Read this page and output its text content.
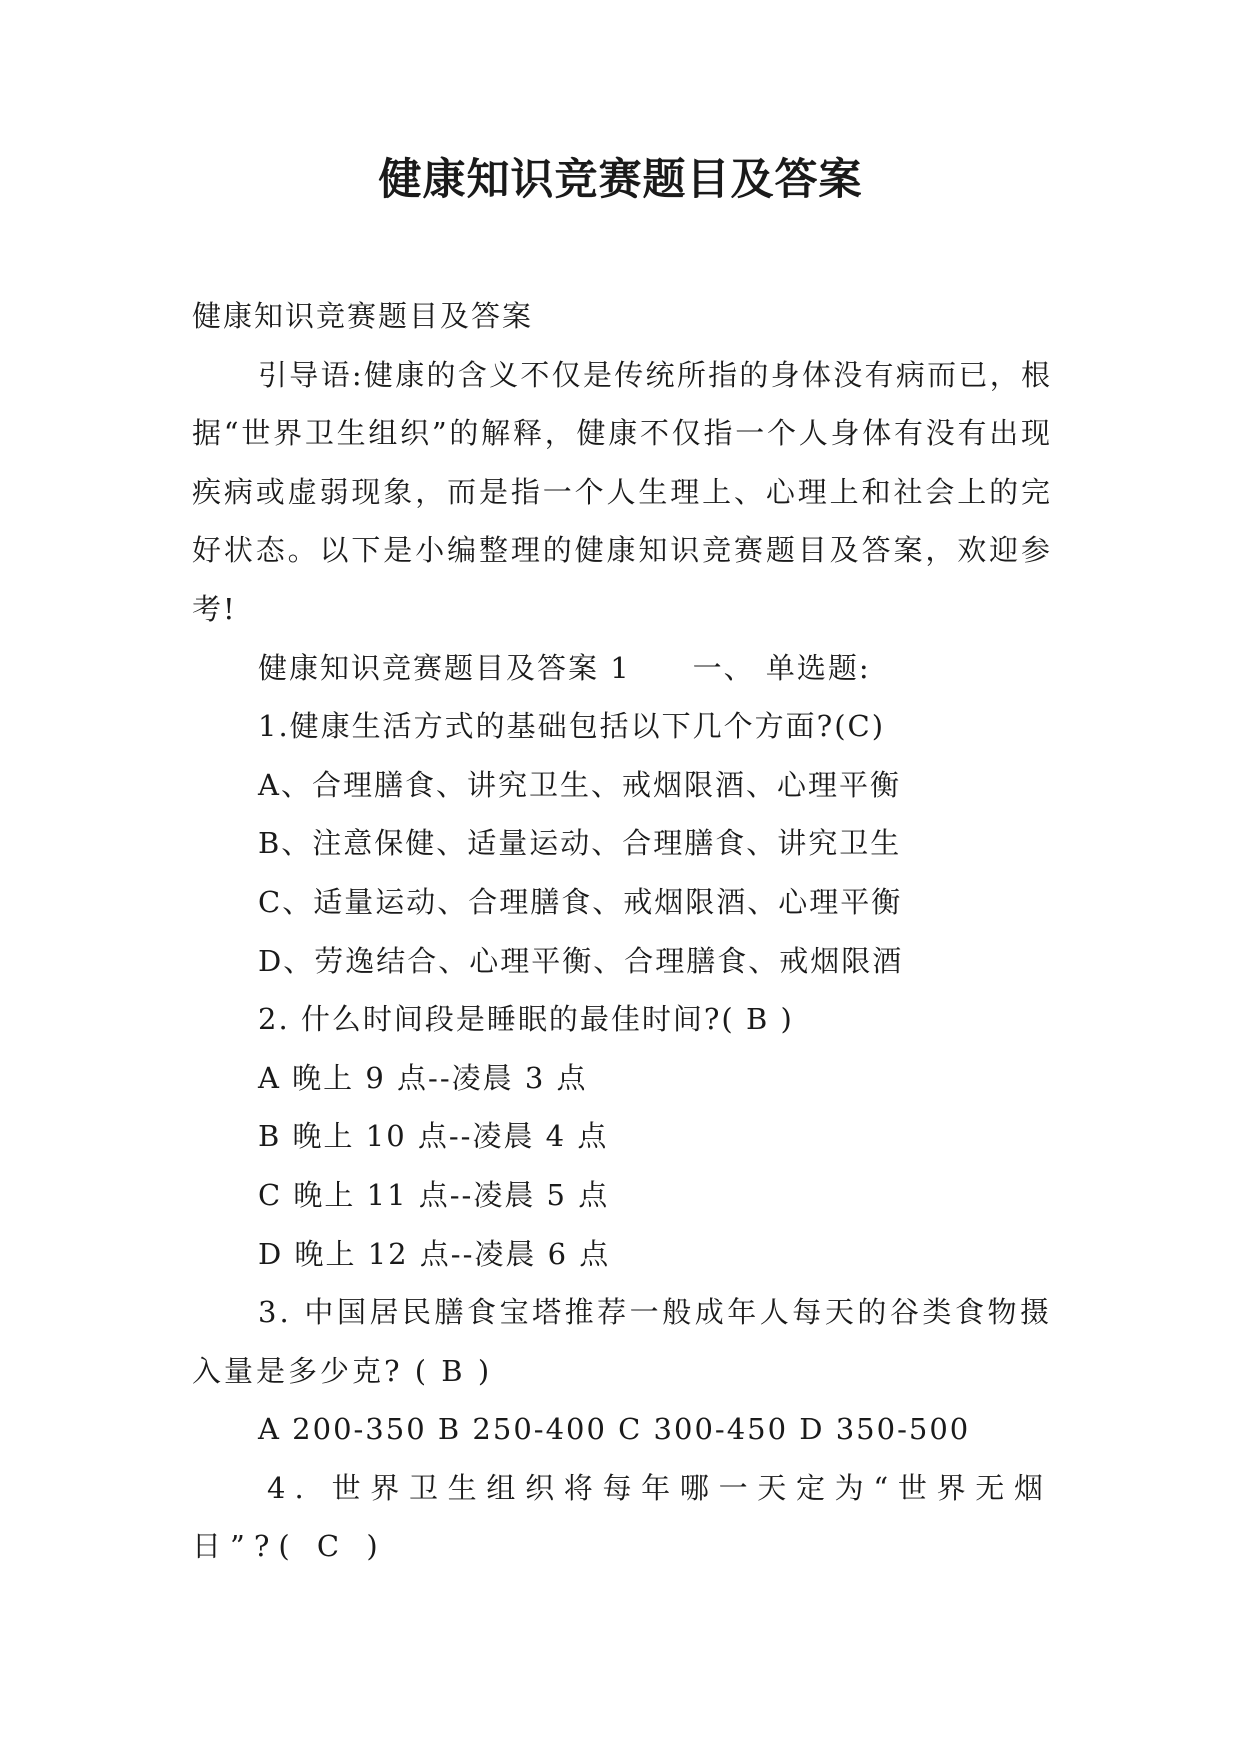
健康知识竞赛题目及答案

健康知识竞赛题目及答案

引导语:健康的含义不仅是传统所指的身体没有病而已，根据“世界卫生组织”的解释，健康不仅指一个人身体有没有出现疾病或虚弱现象，而是指一个人生理上、心理上和社会上的完好状态。以下是小编整理的健康知识竞赛题目及答案，欢迎参考!

健康知识竞赛题目及答案 1　　一、 单选题:

1.健康生活方式的基础包括以下几个方面?(C)

A、合理膳食、讲究卫生、戒烟限酒、心理平衡

B、注意保健、适量运动、合理膳食、讲究卫生

C、适量运动、合理膳食、戒烟限酒、心理平衡

D、劳逸结合、心理平衡、合理膳食、戒烟限酒

2. 什么时间段是睡眠的最佳时间?( B )

A 晚上 9 点--凌晨 3 点

B 晚上 10 点--凌晨 4 点

C 晚上 11 点--凌晨 5 点

D 晚上 12 点--凌晨 6 点

3. 中国居民膳食宝塔推荐一般成年人每天的谷类食物摄入量是多少克? ( B )

A 200-350 B 250-400 C 300-450 D 350-500

4. 世界卫生组织将每年哪一天定为“世界无烟日”?( C )
